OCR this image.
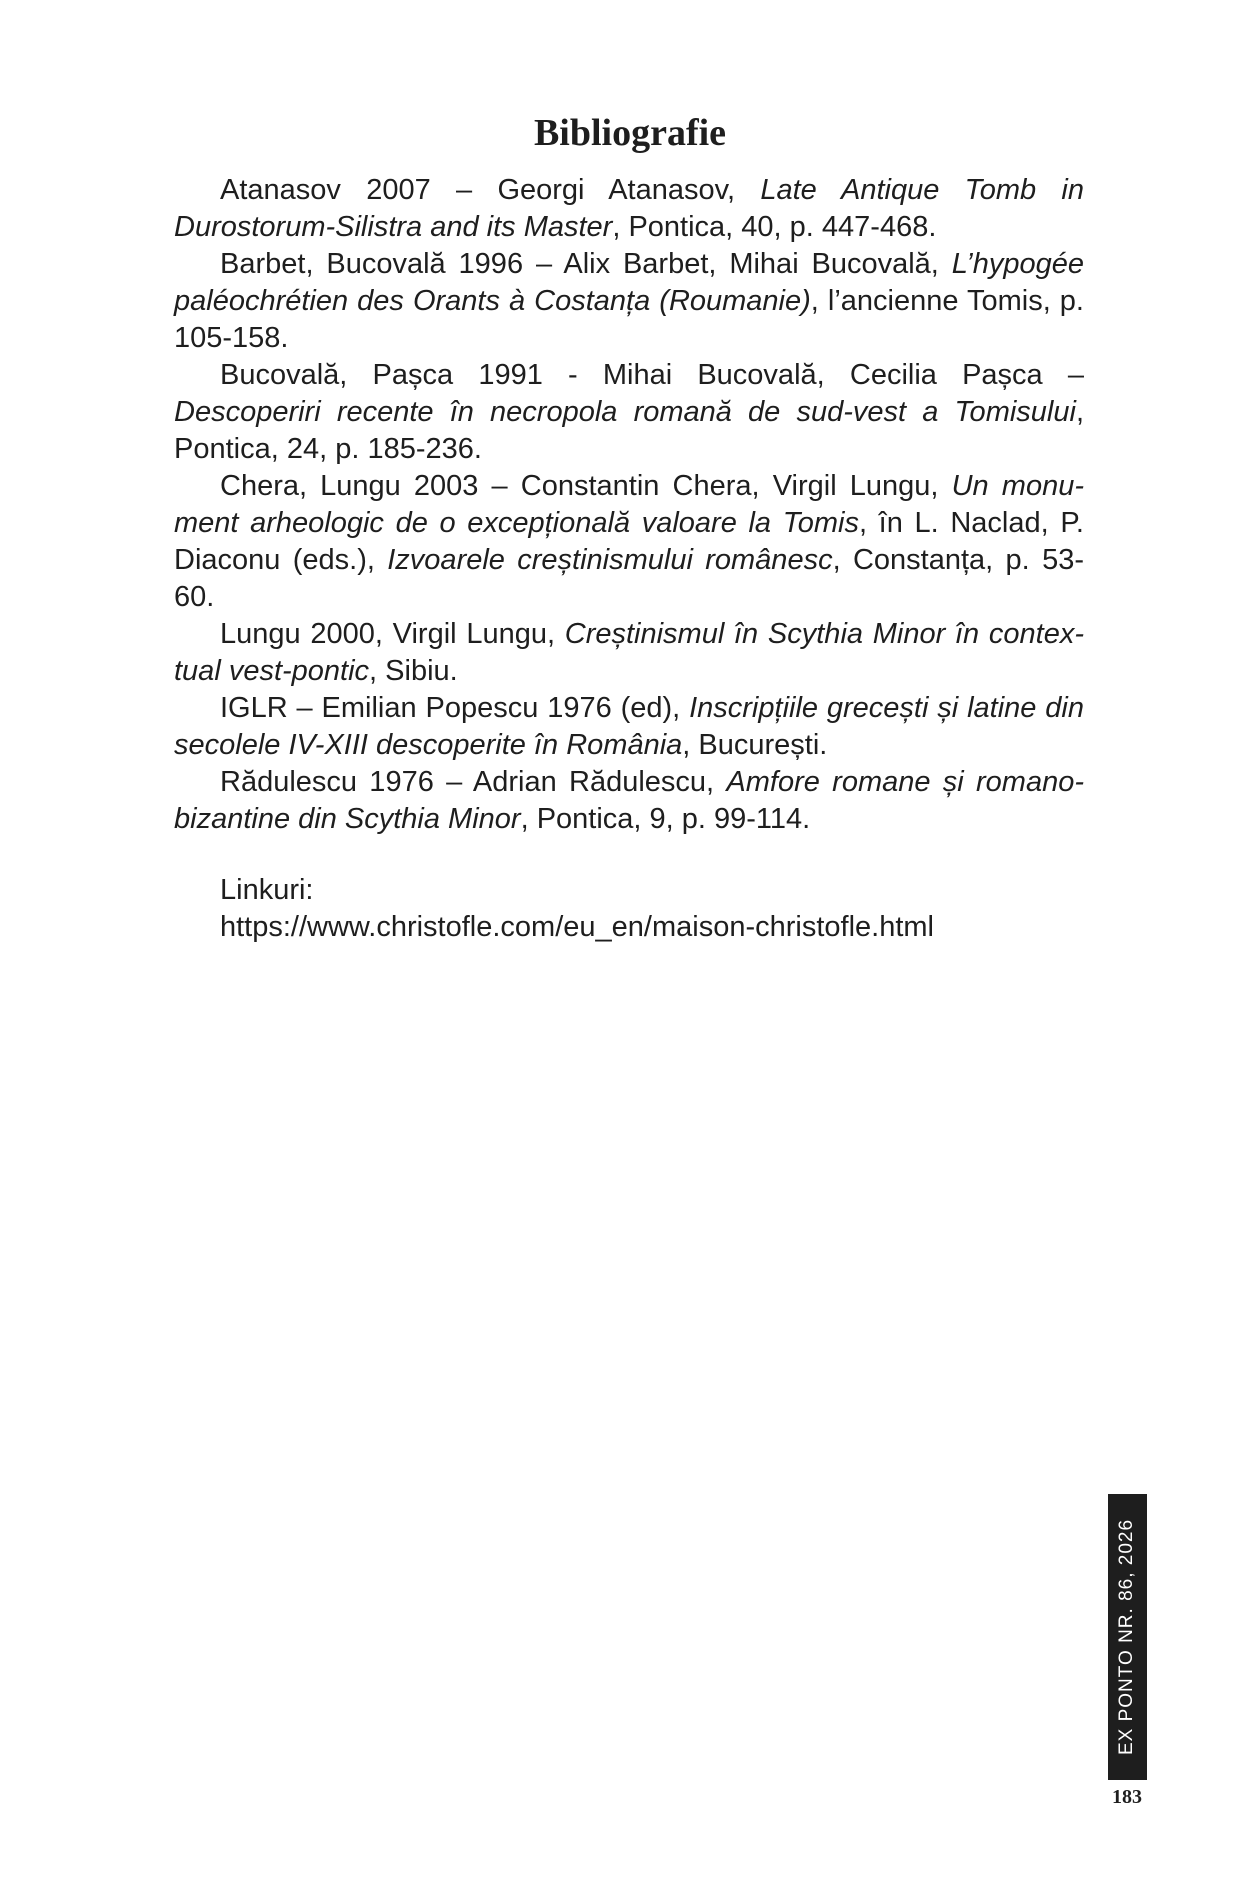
Bibliografie

Atanasov 2007 – Georgi Atanasov, Late Antique Tomb in Durostorum-Silistra and its Master, Pontica, 40, p. 447-468.

Barbet, Bucovală 1996 – Alix Barbet, Mihai Bucovală, L’hypogée paléochrétien des Orants à Costanța (Roumanie), l’ancienne Tomis, p. 105-158.

Bucovală, Pașca 1991 - Mihai Bucovală, Cecilia Pașca – Descoperiri recente în necropola romană de sud-vest a Tomisului, Pontica, 24, p. 185-236.

Chera, Lungu 2003 – Constantin Chera, Virgil Lungu, Un monument arheologic de o excepțională valoare la Tomis, în L. Naclad, P. Diaconu (eds.), Izvoarele creștinismului românesc, Constanța, p. 53-60.

Lungu 2000, Virgil Lungu, Creștinismul în Scythia Minor în contextual vest-pontic, Sibiu.

IGLR – Emilian Popescu 1976 (ed), Inscripțiile grecești și latine din secolele IV-XIII descoperite în România, București.

Rădulescu 1976 – Adrian Rădulescu, Amfore romane și romano-bizantine din Scythia Minor, Pontica, 9, p. 99-114.

Linkuri:
https://www.christofle.com/eu_en/maison-christofle.html
EX PONTO NR. 86, 2026
183
